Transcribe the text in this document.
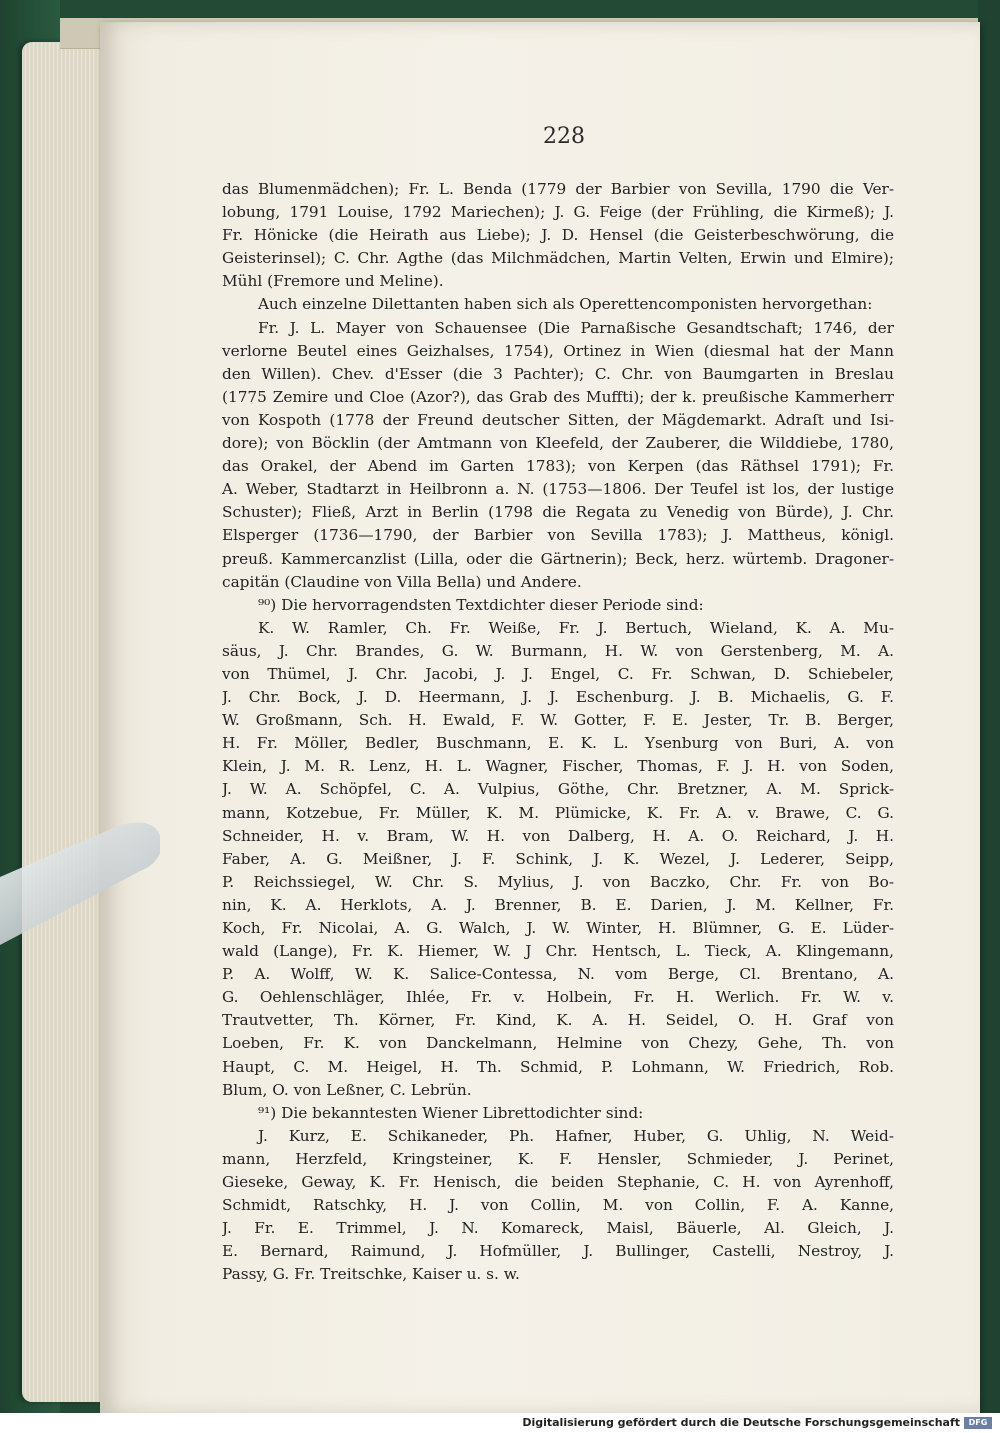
228
das Blumenmädchen); Fr. L. Benda (1779 der Barbier von Sevilla, 1790 die Ver-
lobung, 1791 Louise, 1792 Mariechen); J. G. Feige (der Frühling, die Kirmeß); J.
Fr. Hönicke (die Heirath aus Liebe); J. D. Hensel (die Geisterbeschwörung, die
Geisterinsel); C. Chr. Agthe (das Milchmädchen, Martin Velten, Erwin und Elmire);
Mühl (Fremore und Meline).
Auch einzelne Dilettanten haben sich als Operettencomponisten hervorgethan:
Fr. J. L. Mayer von Schauensee (Die Parnaßische Gesandtschaft; 1746, der
verlorne Beutel eines Geizhalses, 1754), Ortinez in Wien (diesmal hat der Mann
den Willen). Chev. d'Esser (die 3 Pachter); C. Chr. von Baumgarten in Breslau
(1775 Zemire und Cloe (Azor?), das Grab des Muffti); der k. preußische Kammerherr
von Kospoth (1778 der Freund deutscher Sitten, der Mägdemarkt. Adraſt und Isi-
dore); von Böcklin (der Amtmann von Kleefeld, der Zauberer, die Wilddiebe, 1780,
das Orakel, der Abend im Garten 1783); von Kerpen (das Räthsel 1791); Fr.
A. Weber, Stadtarzt in Heilbronn a. N. (1753—1806. Der Teufel ist los, der lustige
Schuster); Fließ, Arzt in Berlin (1798 die Regata zu Venedig von Bürde), J. Chr.
Elsperger (1736—1790, der Barbier von Sevilla 1783); J. Mattheus, königl.
preuß. Kammercanzlist (Lilla, oder die Gärtnerin); Beck, herz. würtemb. Dragoner-
capitän (Claudine von Villa Bella) und Andere.
⁹⁰) Die hervorragendsten Textdichter dieser Periode sind:
K. W. Ramler, Ch. Fr. Weiße, Fr. J. Bertuch, Wieland, K. A. Mu-
säus, J. Chr. Brandes, G. W. Burmann, H. W. von Gerstenberg, M. A.
von Thümel, J. Chr. Jacobi, J. J. Engel, C. Fr. Schwan, D. Schiebeler,
J. Chr. Bock, J. D. Heermann, J. J. Eschenburg. J. B. Michaelis, G. F.
W. Großmann, Sch. H. Ewald, F. W. Gotter, F. E. Jester, Tr. B. Berger,
H. Fr. Möller, Bedler, Buschmann, E. K. L. Ysenburg von Buri, A. von
Klein, J. M. R. Lenz, H. L. Wagner, Fischer, Thomas, F. J. H. von Soden,
J. W. A. Schöpfel, C. A. Vulpius, Göthe, Chr. Bretzner, A. M. Sprick-
mann, Kotzebue, Fr. Müller, K. M. Plümicke, K. Fr. A. v. Brawe, C. G.
Schneider, H. v. Bram, W. H. von Dalberg, H. A. O. Reichard, J. H.
Faber, A. G. Meißner, J. F. Schink, J. K. Wezel, J. Lederer, Seipp,
P. Reichssiegel, W. Chr. S. Mylius, J. von Baczko, Chr. Fr. von Bo-
nin, K. A. Herklots, A. J. Brenner, B. E. Darien, J. M. Kellner, Fr.
Koch, Fr. Nicolai, A. G. Walch, J. W. Winter, H. Blümner, G. E. Lüder-
wald (Lange), Fr. K. Hiemer, W. J Chr. Hentsch, L. Tieck, A. Klingemann,
P. A. Wolff, W. K. Salice-Contessa, N. vom Berge, Cl. Brentano, A.
G. Oehlenschläger, Ihlée, Fr. v. Holbein, Fr. H. Werlich. Fr. W. v.
Trautvetter, Th. Körner, Fr. Kind, K. A. H. Seidel, O. H. Graf von
Loeben, Fr. K. von Danckelmann, Helmine von Chezy, Gehe, Th. von
Haupt, C. M. Heigel, H. Th. Schmid, P. Lohmann, W. Friedrich, Rob.
Blum, O. von Leßner, C. Lebrün.
⁹¹) Die bekanntesten Wiener Librettodichter sind:
J. Kurz, E. Schikaneder, Ph. Hafner, Huber, G. Uhlig, N. Weid-
mann, Herzfeld, Kringsteiner, K. F. Hensler, Schmieder, J. Perinet,
Gieseke, Geway, K. Fr. Henisch, die beiden Stephanie, C. H. von Ayrenhoff,
Schmidt, Ratschky, H. J. von Collin, M. von Collin, F. A. Kanne,
J. Fr. E. Trimmel, J. N. Komareck, Maisl, Bäuerle, Al. Gleich, J.
E. Bernard, Raimund, J. Hofmüller, J. Bullinger, Castelli, Nestroy, J.
Passy, G. Fr. Treitschke, Kaiser u. s. w.
Digitalisierung gefördert durch die Deutsche Forschungsgemeinschaft	DFG
